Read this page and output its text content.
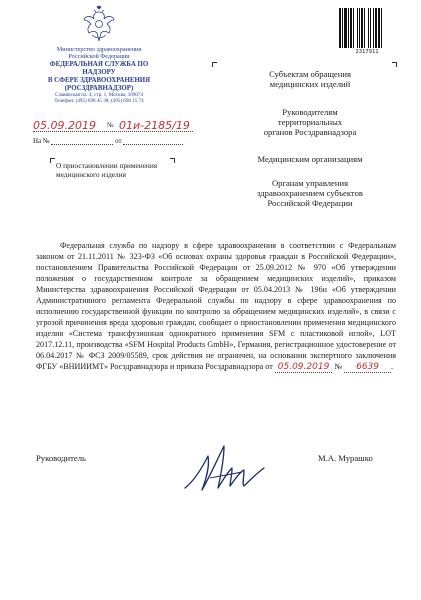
Министерство здравоохранения
Российской Федерации
ФЕДЕРАЛЬНАЯ СЛУЖБА ПО НАДЗОРУ
В СФЕРЕ ЗДРАВООХРАНЕНИЯ
(РОСЗДРАВНАДЗОР)
Славянская пл. 4, стр. 1, Москва, 109074
Телефон: (495) 698 45 38; (495) 698 15 74
05.09.2019 № 01и-2185/19
На №	от
О приостановлении применения
медицинского изделия
2317911
Субъектам обращения
медицинских изделий
Руководителям
территориальных
органов Росздравнадзора
Медицинским организациям
Органам управления
здравоохранением субъектов
Российской Федерации

Федеральная служба по надзору в сфере здравоохранения в соответствии с Федеральным законом от 21.11.2011 № 323-ФЗ «Об основах охраны здоровья граждан в Российской Федерации», постановлением Правительства Российской Федерации от 25.09.2012 № 970 «Об утверждении положения о государственном контроле за обращением медицинских изделий», приказом Министерства здравоохранения Российской Федерации от 05.04.2013 № 196н «Об утверждении Административного регламента Федеральной службы по надзору в сфере здравоохранения по исполнению государственной функции по контролю за обращением медицинских изделий», в связи с угрозой причинения вреда здоровью граждан, сообщает о приостановлении применения медицинского изделия «Система трансфузионная однократного применения SFM с пластиковой иглой», LOT 2017.12.11, производства «SFM Hospital Products GmbH», Германия, регистрационное удостоверение от 06.04.2017 № ФСЗ 2009/05589, срок действия не ограничен, на основании экспертного заключения ФГБУ «ВНИИИМТ» Росздравнадзора и приказа Росздравнадзора от 05.09.2019 № 6639 .

Руководитель	М.А. Мурашко
